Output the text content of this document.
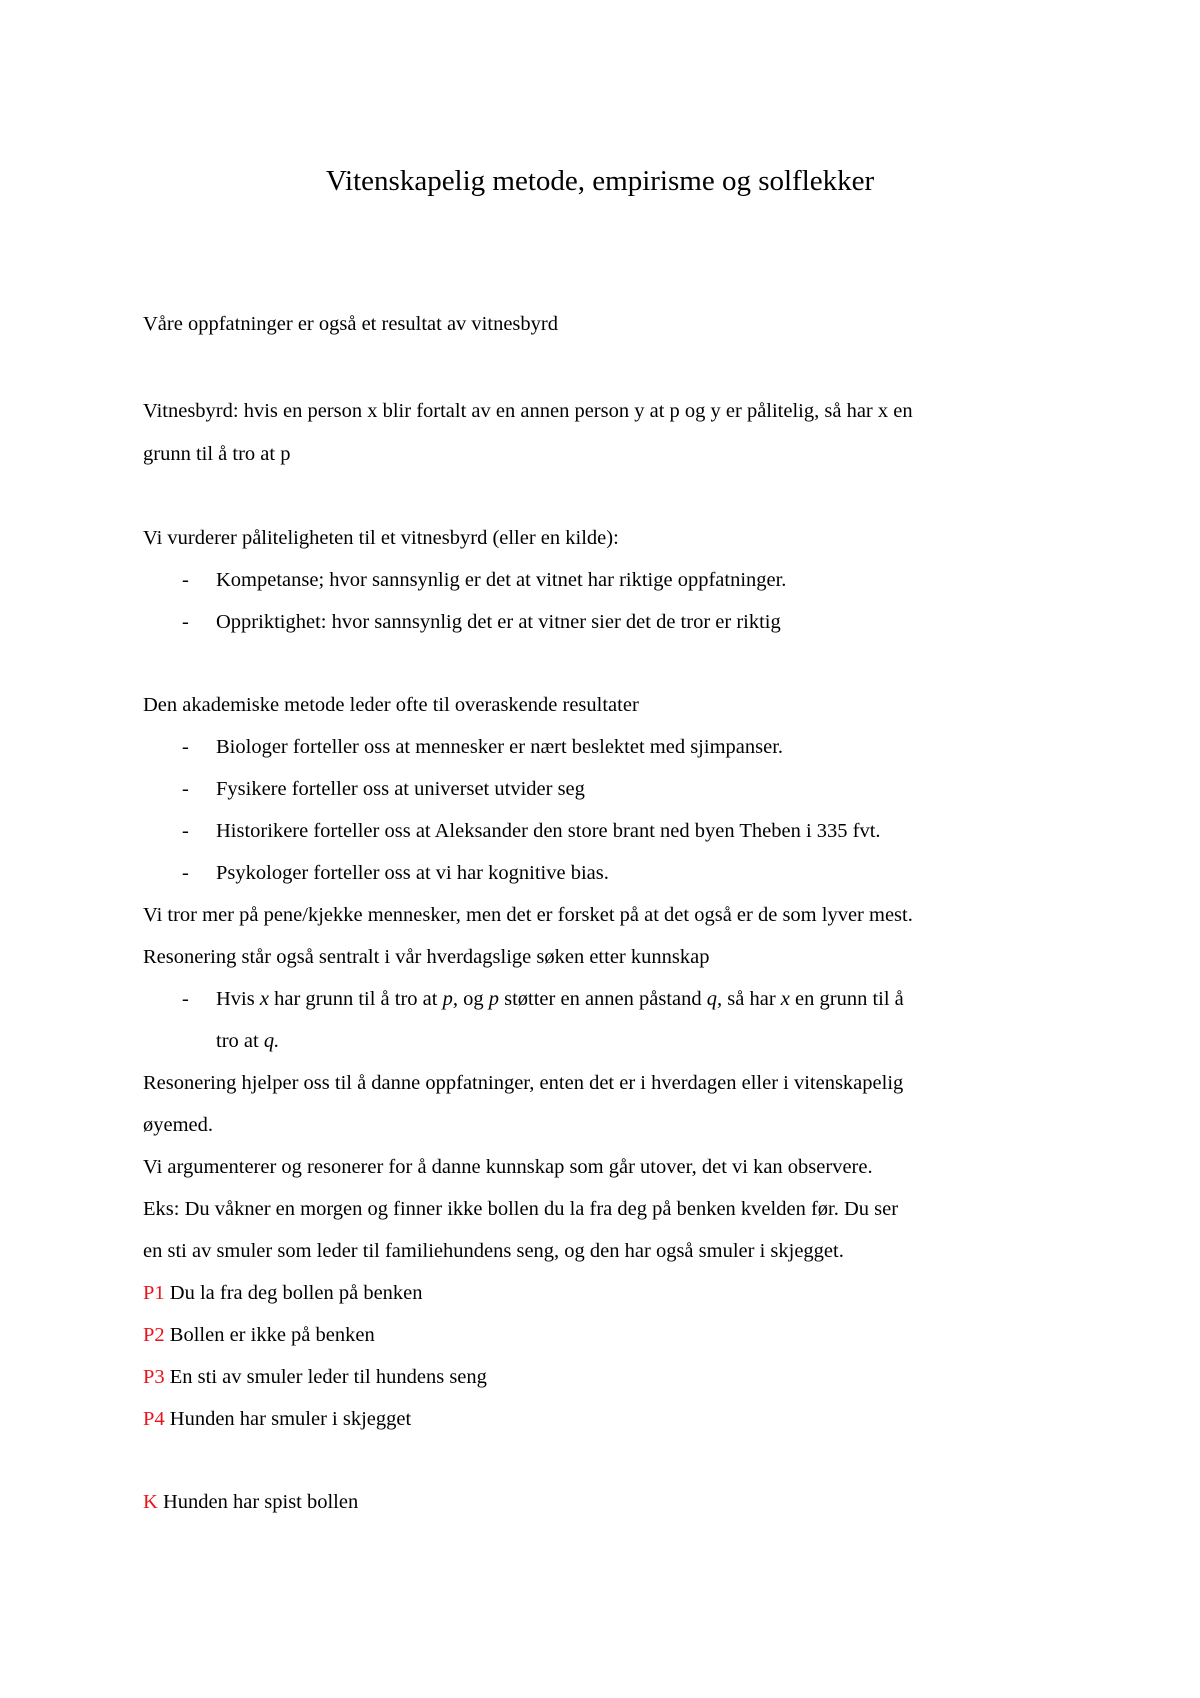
Vitenskapelig metode, empirisme og solflekker
Våre oppfatninger er også et resultat av vitnesbyrd
Vitnesbyrd: hvis en person x blir fortalt av en annen person y at p og y er pålitelig, så har x en
grunn til å tro at p
Vi vurderer påliteligheten til et vitnesbyrd (eller en kilde):
-	Kompetanse; hvor sannsynlig er det at vitnet har riktige oppfatninger.
-	Oppriktighet: hvor sannsynlig det er at vitner sier det de tror er riktig
Den akademiske metode leder ofte til overaskende resultater
-	Biologer forteller oss at mennesker er nært beslektet med sjimpanser.
-	Fysikere forteller oss at universet utvider seg
-	Historikere forteller oss at Aleksander den store brant ned byen Theben i 335 fvt.
-	Psykologer forteller oss at vi har kognitive bias.
Vi tror mer på pene/kjekke mennesker, men det er forsket på at det også er de som lyver mest.
Resonering står også sentralt i vår hverdagslige søken etter kunnskap
-	Hvis x har grunn til å tro at p, og p støtter en annen påstand q, så har x en grunn til å
tro at q.
Resonering hjelper oss til å danne oppfatninger, enten det er i hverdagen eller i vitenskapelig
øyemed.
Vi argumenterer og resonerer for å danne kunnskap som går utover, det vi kan observere.
Eks: Du våkner en morgen og finner ikke bollen du la fra deg på benken kvelden før. Du ser
en sti av smuler som leder til familiehundens seng, og den har også smuler i skjegget.
P1 Du la fra deg bollen på benken
P2 Bollen er ikke på benken
P3 En sti av smuler leder til hundens seng
P4 Hunden har smuler i skjegget
K Hunden har spist bollen
